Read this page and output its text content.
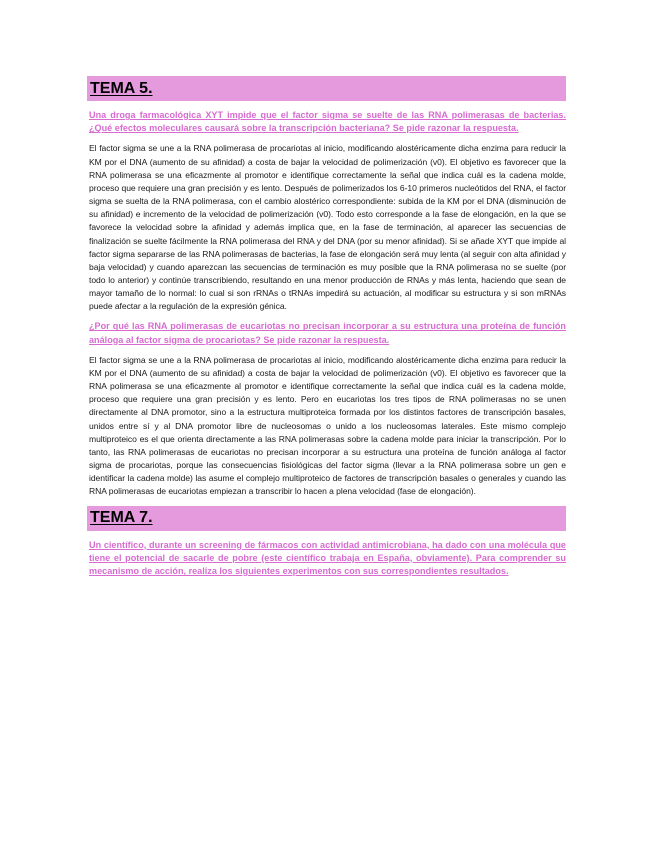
TEMA 5.

Una droga farmacológica XYT impide que el factor sigma se suelte de las RNA polimerasas de bacterias. ¿Qué efectos moleculares causará sobre la transcripción bacteriana? Se pide razonar la respuesta.

El factor sigma se une a la RNA polimerasa de procariotas al inicio, modificando alostéricamente dicha enzima para reducir la KM por el DNA (aumento de su afinidad) a costa de bajar la velocidad de polimerización (v0). El objetivo es favorecer que la RNA polimerasa se una eficazmente al promotor e identifique correctamente la señal que indica cuál es la cadena molde, proceso que requiere una gran precisión y es lento. Después de polimerizados los 6-10 primeros nucleótidos del RNA, el factor sigma se suelta de la RNA polimerasa, con el cambio alostérico correspondiente: subida de la KM por el DNA (disminución de su afinidad) e incremento de la velocidad de polimerización (v0). Todo esto corresponde a la fase de elongación, en la que se favorece la velocidad sobre la afinidad y además implica que, en la fase de terminación, al aparecer las secuencias de finalización se suelte fácilmente la RNA polimerasa del RNA y del DNA (por su menor afinidad). Si se añade XYT que impide al factor sigma separarse de las RNA polimerasas de bacterias, la fase de elongación será muy lenta (al seguir con alta afinidad y baja velocidad) y cuando aparezcan las secuencias de terminación es muy posible que la RNA polimerasa no se suelte (por todo lo anterior) y continúe transcribiendo, resultando en una menor producción de RNAs y más lenta, haciendo que sean de mayor tamaño de lo normal: lo cual si son rRNAs o tRNAs impedirá su actuación, al modificar su estructura y si son mRNAs puede afectar a la regulación de la expresión génica.

¿Por qué las RNA polimerasas de eucariotas no precisan incorporar a su estructura una proteína de función análoga al factor sigma de procariotas? Se pide razonar la respuesta.

El factor sigma se une a la RNA polimerasa de procariotas al inicio, modificando alostéricamente dicha enzima para reducir la KM por el DNA (aumento de su afinidad) a costa de bajar la velocidad de polimerización (v0). El objetivo es favorecer que la RNA polimerasa se una eficazmente al promotor e identifique correctamente la señal que indica cuál es la cadena molde, proceso que requiere una gran precisión y es lento. Pero en eucariotas los tres tipos de RNA polimerasas no se unen directamente al DNA promotor, sino a la estructura multiproteica formada por los distintos factores de transcripción basales, unidos entre sí y al DNA promotor libre de nucleosomas o unido a los nucleosomas laterales. Este mismo complejo multiproteico es el que orienta directamente a las RNA polimerasas sobre la cadena molde para iniciar la transcripción. Por lo tanto, las RNA polimerasas de eucariotas no precisan incorporar a su estructura una proteína de función análoga al factor sigma de procariotas, porque las consecuencias fisiológicas del factor sigma (llevar a la RNA polimerasa sobre un gen e identificar la cadena molde) las asume el complejo multiproteico de factores de transcripción basales o generales y cuando las RNA polimerasas de eucariotas empiezan a transcribir lo hacen a plena velocidad (fase de elongación).

TEMA 7.

Un científico, durante un screening de fármacos con actividad antimicrobiana, ha dado con una molécula que tiene el potencial de sacarle de pobre (este científico trabaja en España, obviamente). Para comprender su mecanismo de acción, realiza los siguientes experimentos con sus correspondientes resultados.
